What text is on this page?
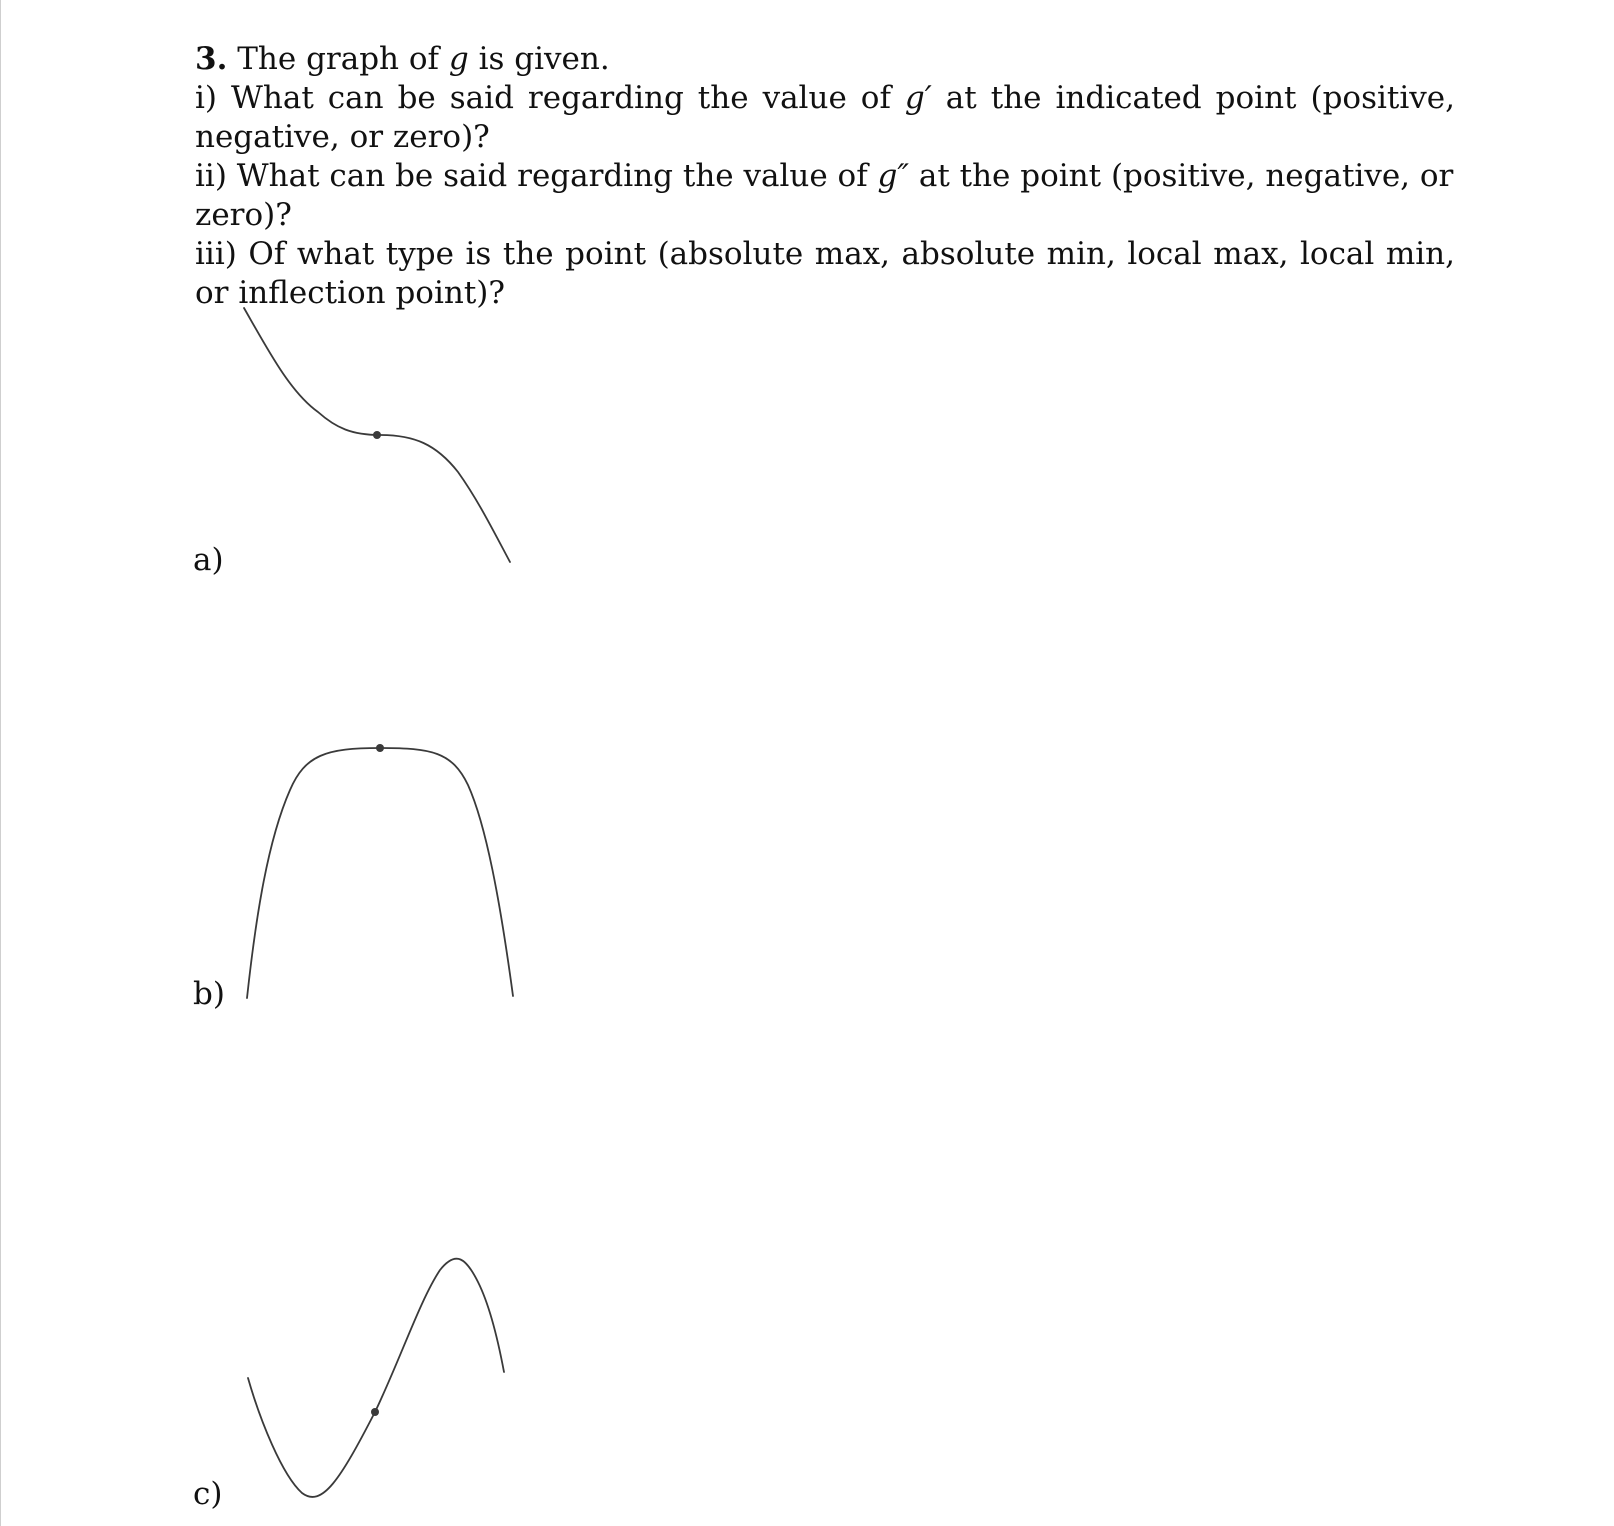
3. The graph of g is given.

i) What can be said regarding the value of g′ at the indicated point (positive, negative, or zero)?

ii) What can be said regarding the value of g″ at the point (positive, negative, or zero)?

iii) Of what type is the point (absolute max, absolute min, local max, local min, or inflection point)?

a)
b)
c)
